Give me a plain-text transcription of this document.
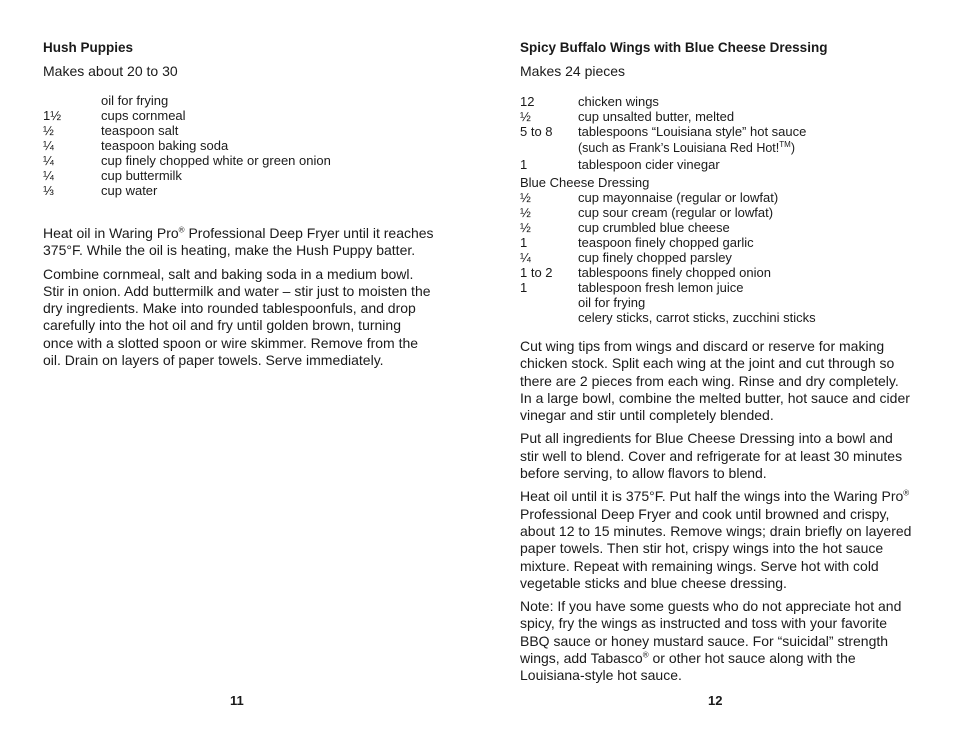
Hush Puppies
Makes about 20 to 30
oil for frying
1½	cups cornmeal
½	teaspoon salt
¼	teaspoon baking soda
¼	cup finely chopped white or green onion
¼	cup buttermilk
⅓	cup water

Heat oil in Waring Pro® Professional Deep Fryer until it reaches 375°F. While the oil is heating, make the Hush Puppy batter.

Combine cornmeal, salt and baking soda in a medium bowl. Stir in onion. Add buttermilk and water – stir just to moisten the dry ingredients. Make into rounded tablespoonfuls, and drop carefully into the hot oil and fry until golden brown, turning once with a slotted spoon or wire skimmer. Remove from the oil. Drain on layers of paper towels. Serve immediately.

11
Spicy Buffalo Wings with Blue Cheese Dressing
Makes 24 pieces
12	chicken wings
½	cup unsalted butter, melted
5 to 8	tablespoons “Louisiana style” hot sauce
(such as Frank’s Louisiana Red Hot!™)
1	tablespoon cider vinegar
Blue Cheese Dressing
½	cup mayonnaise (regular or lowfat)
½	cup sour cream (regular or lowfat)
½	cup crumbled blue cheese
1	teaspoon finely chopped garlic
¼	cup finely chopped parsley
1 to 2	tablespoons finely chopped onion
1	tablespoon fresh lemon juice
oil for frying
celery sticks, carrot sticks, zucchini sticks

Cut wing tips from wings and discard or reserve for making chicken stock. Split each wing at the joint and cut through so there are 2 pieces from each wing. Rinse and dry completely. In a large bowl, combine the melted butter, hot sauce and cider vinegar and stir until completely blended.

Put all ingredients for Blue Cheese Dressing into a bowl and stir well to blend. Cover and refrigerate for at least 30 minutes before serving, to allow flavors to blend.

Heat oil until it is 375°F. Put half the wings into the Waring Pro® Professional Deep Fryer and cook until browned and crispy, about 12 to 15 minutes. Remove wings; drain briefly on layered paper towels. Then stir hot, crispy wings into the hot sauce mixture. Repeat with remaining wings. Serve hot with cold vegetable sticks and blue cheese dressing.

Note: If you have some guests who do not appreciate hot and spicy, fry the wings as instructed and toss with your favorite BBQ sauce or honey mustard sauce. For “suicidal” strength wings, add Tabasco® or other hot sauce along with the Louisiana-style hot sauce.

12
